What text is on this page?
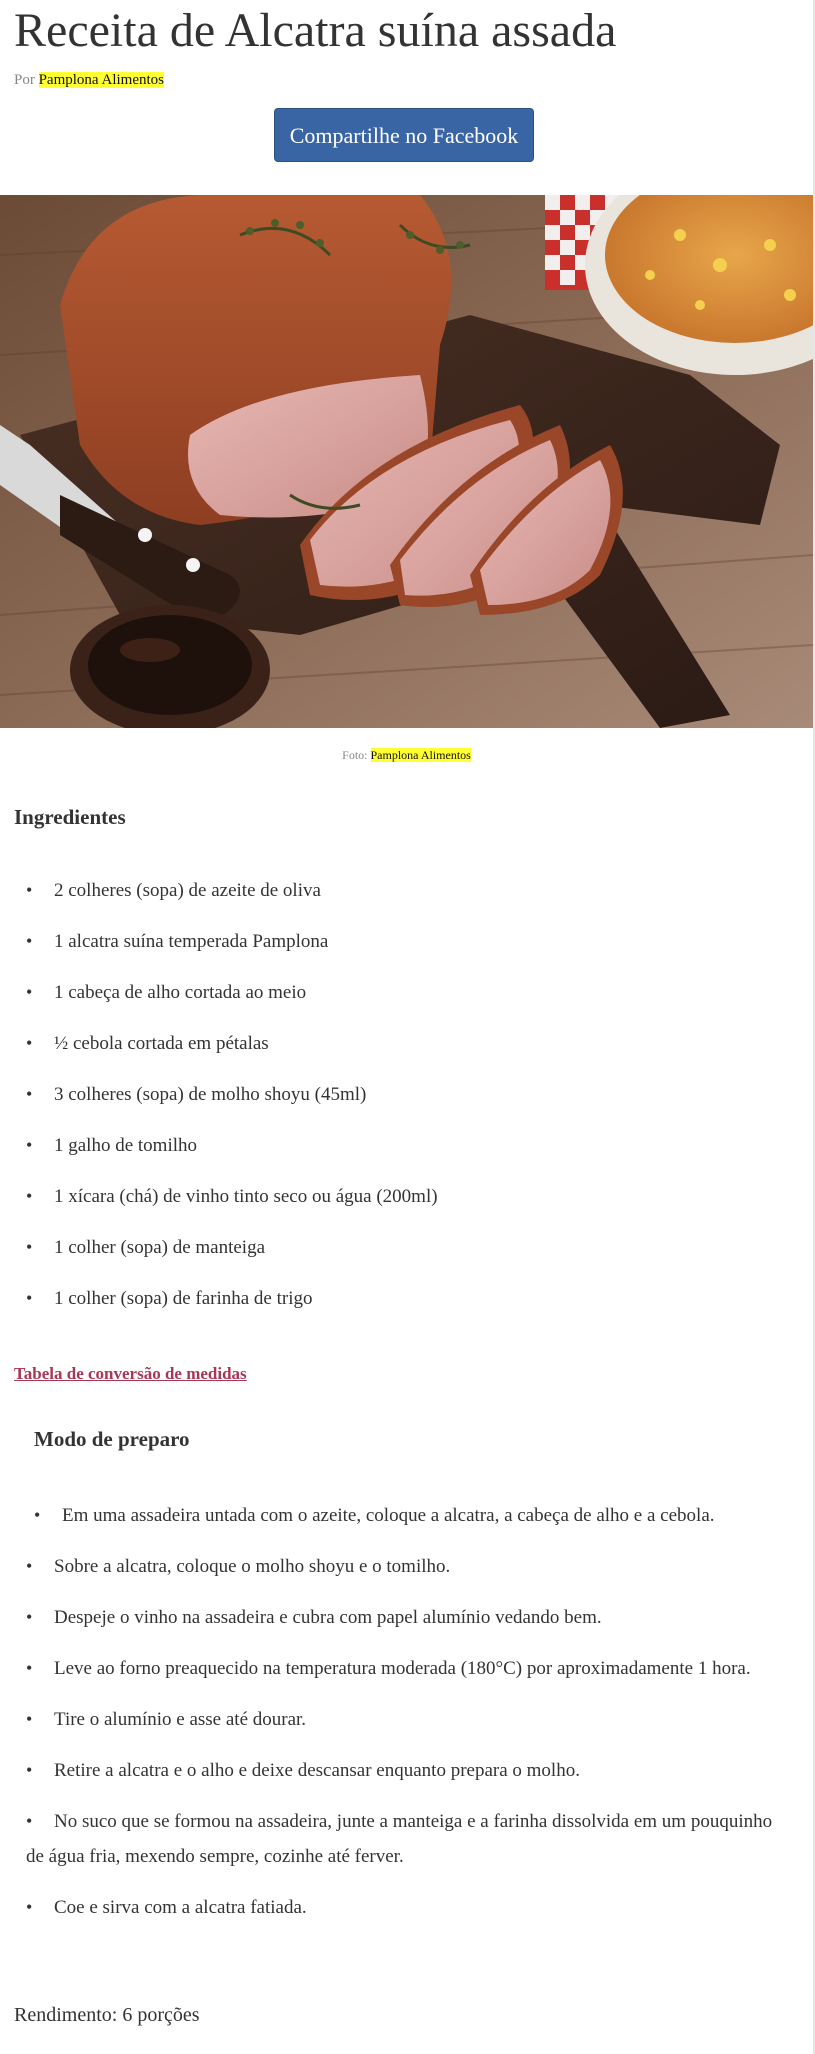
Receita de Alcatra suína assada
Por Pamplona Alimentos
Compartilhe no Facebook
Foto: Pamplona Alimentos
Ingredientes
• 2 colheres (sopa) de azeite de oliva
• 1 alcatra suína temperada Pamplona
• 1 cabeça de alho cortada ao meio
• ½ cebola cortada em pétalas
• 3 colheres (sopa) de molho shoyu (45ml)
• 1 galho de tomilho
• 1 xícara (chá) de vinho tinto seco ou água (200ml)
• 1 colher (sopa) de manteiga
• 1 colher (sopa) de farinha de trigo
Tabela de conversão de medidas
Modo de preparo
• Em uma assadeira untada com o azeite, coloque a alcatra, a cabeça de alho e a cebola.
• Sobre a alcatra, coloque o molho shoyu e o tomilho.
• Despeje o vinho na assadeira e cubra com papel alumínio vedando bem.
• Leve ao forno preaquecido na temperatura moderada (180°C) por aproximadamente 1 hora.
• Tire o alumínio e asse até dourar.
• Retire a alcatra e o alho e deixe descansar enquanto prepara o molho.
• No suco que se formou na assadeira, junte a manteiga e a farinha dissolvida em um pouquinho de água fria, mexendo sempre, cozinhe até ferver.
• Coe e sirva com a alcatra fatiada.
Rendimento: 6 porções
